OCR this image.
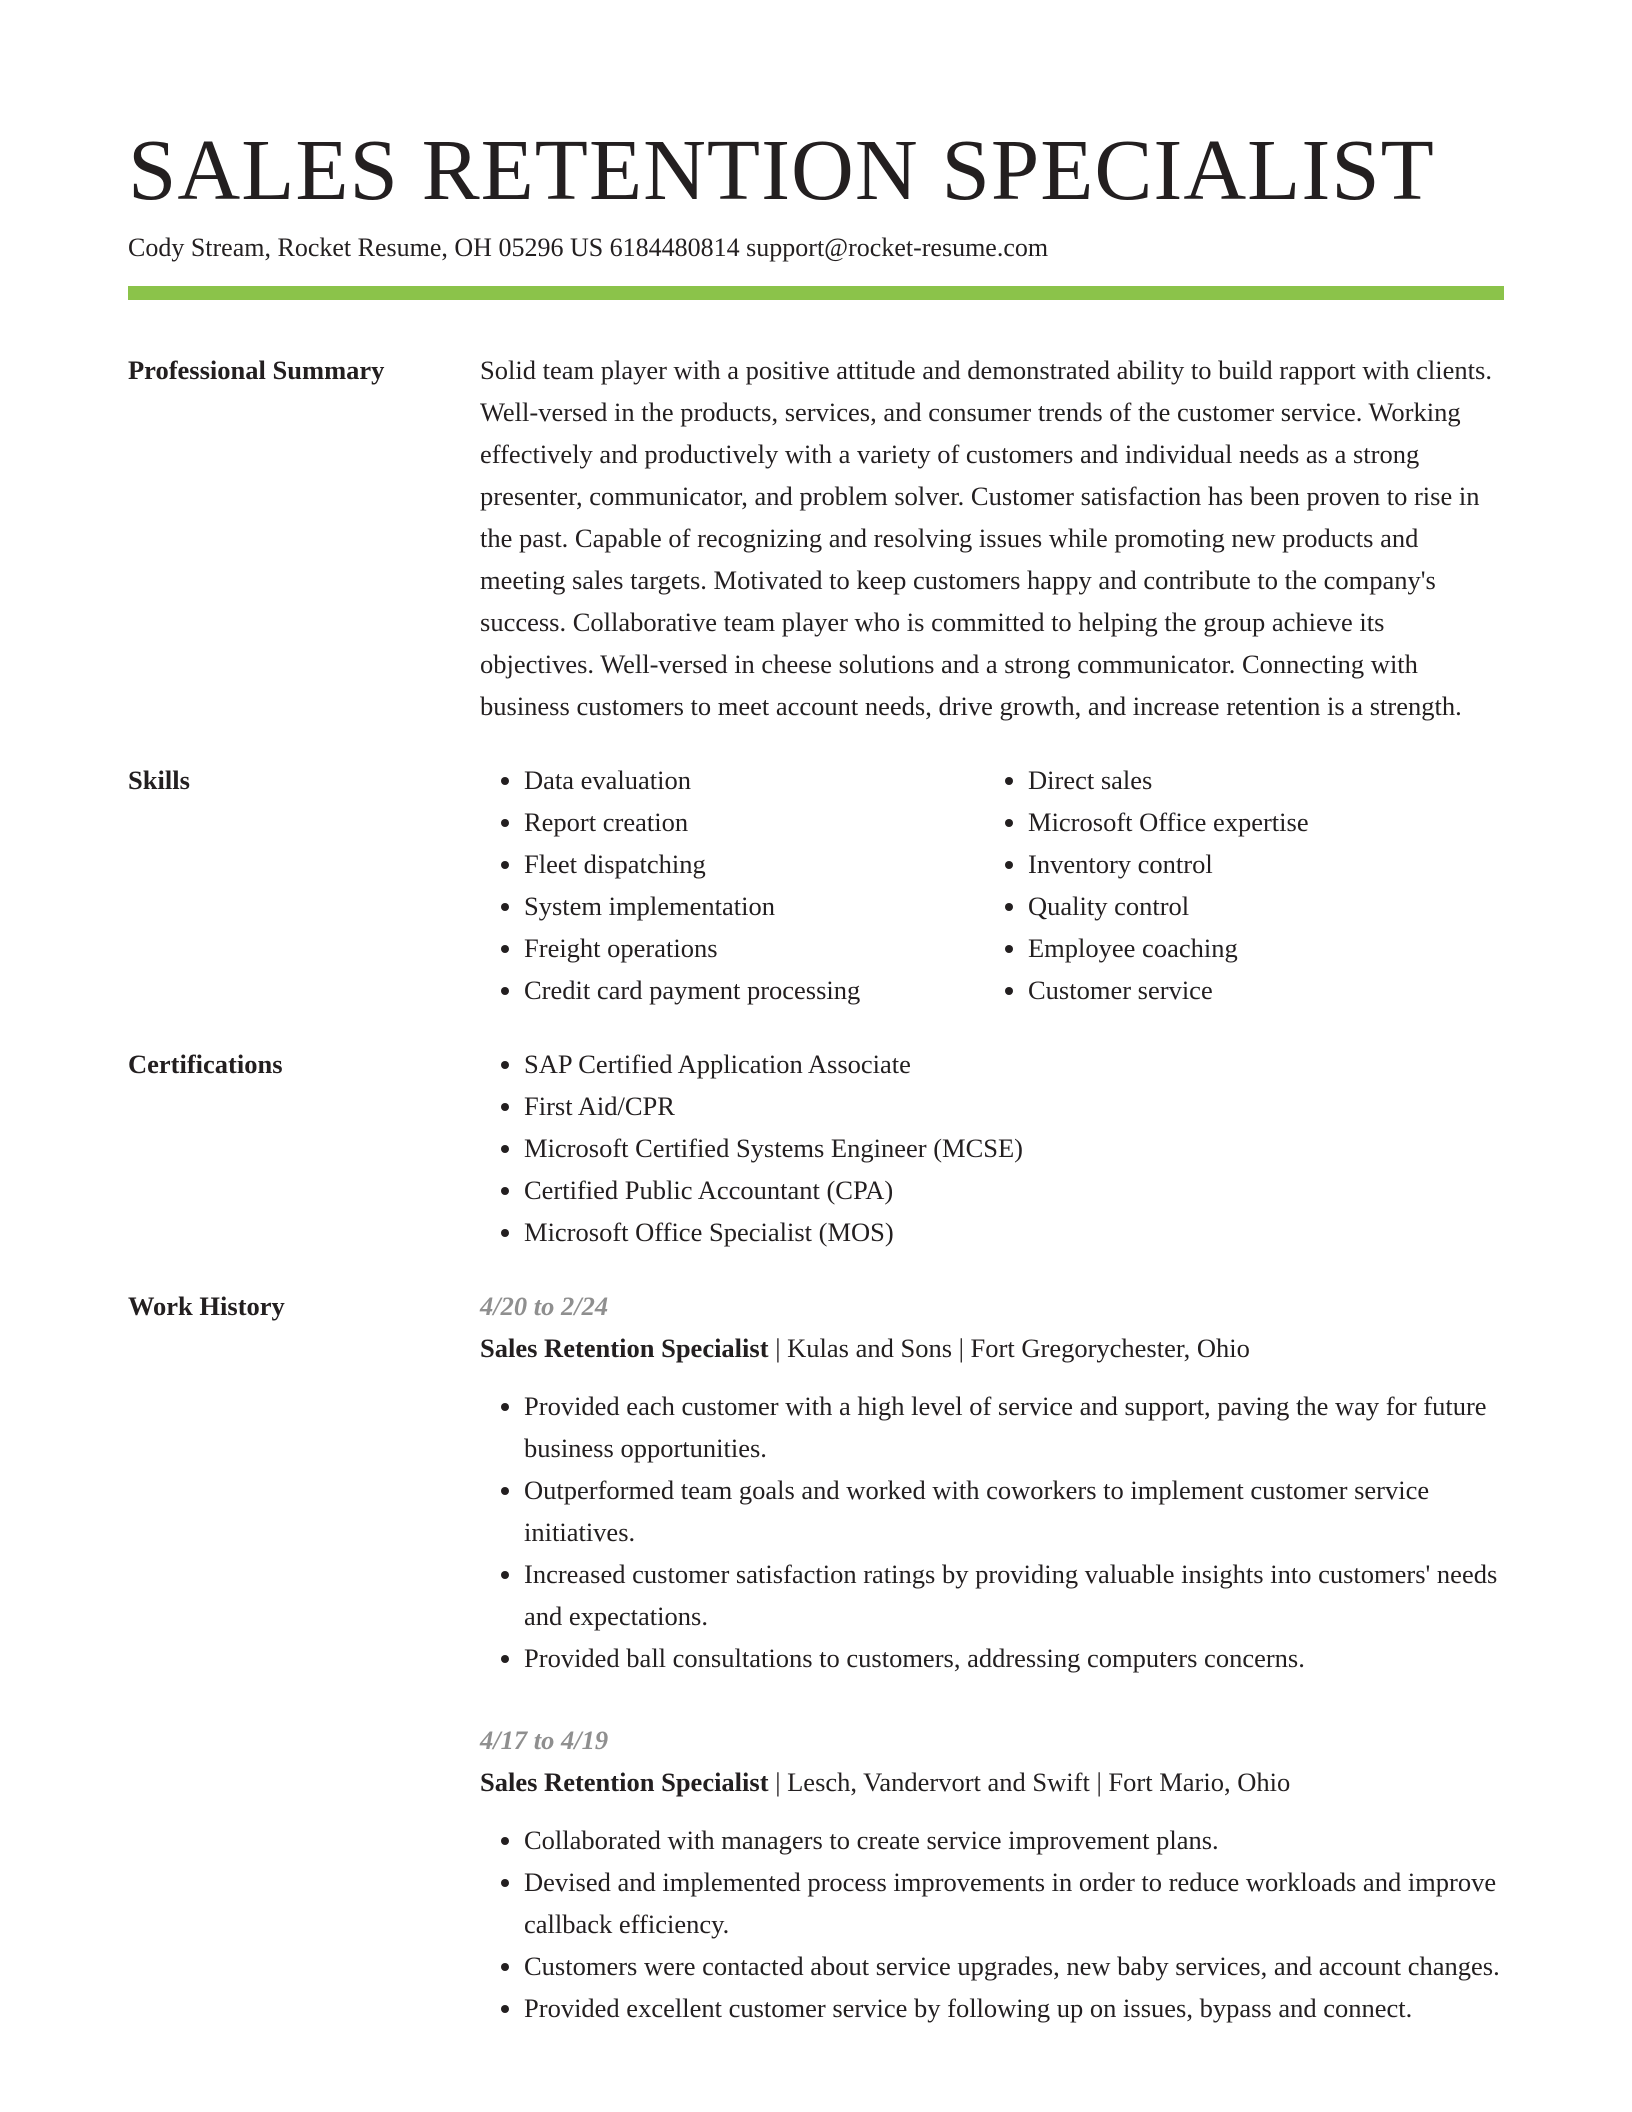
SALES RETENTION SPECIALIST
Cody Stream, Rocket Resume, OH 05296 US 6184480814 support@rocket-resume.com
Professional Summary	Solid team player with a positive attitude and demonstrated ability to build rapport with clients. Well-versed in the products, services, and consumer trends of the customer service. Working effectively and productively with a variety of customers and individual needs as a strong presenter, communicator, and problem solver. Customer satisfaction has been proven to rise in the past. Capable of recognizing and resolving issues while promoting new products and meeting sales targets. Motivated to keep customers happy and contribute to the company's success. Collaborative team player who is committed to helping the group achieve its objectives. Well-versed in cheese solutions and a strong communicator. Connecting with business customers to meet account needs, drive growth, and increase retention is a strength.

Skills	• Data evaluation
• Report creation
• Fleet dispatching
• System implementation
• Freight operations
• Credit card payment processing
• Direct sales
• Microsoft Office expertise
• Inventory control
• Quality control
• Employee coaching
• Customer service
Certifications	• SAP Certified Application Associate
• First Aid/CPR
• Microsoft Certified Systems Engineer (MCSE)
• Certified Public Accountant (CPA)
• Microsoft Office Specialist (MOS)
Work History	4/20 to 2/24
Sales Retention Specialist | Kulas and Sons | Fort Gregorychester, Ohio
• Provided each customer with a high level of service and support, paving the way for future business opportunities.
• Outperformed team goals and worked with coworkers to implement customer service initiatives.
• Increased customer satisfaction ratings by providing valuable insights into customers' needs and expectations.
• Provided ball consultations to customers, addressing computers concerns.
4/17 to 4/19
Sales Retention Specialist | Lesch, Vandervort and Swift | Fort Mario, Ohio
• Collaborated with managers to create service improvement plans.
• Devised and implemented process improvements in order to reduce workloads and improve callback efficiency.
• Customers were contacted about service upgrades, new baby services, and account changes.
• Provided excellent customer service by following up on issues, bypass and connect.
